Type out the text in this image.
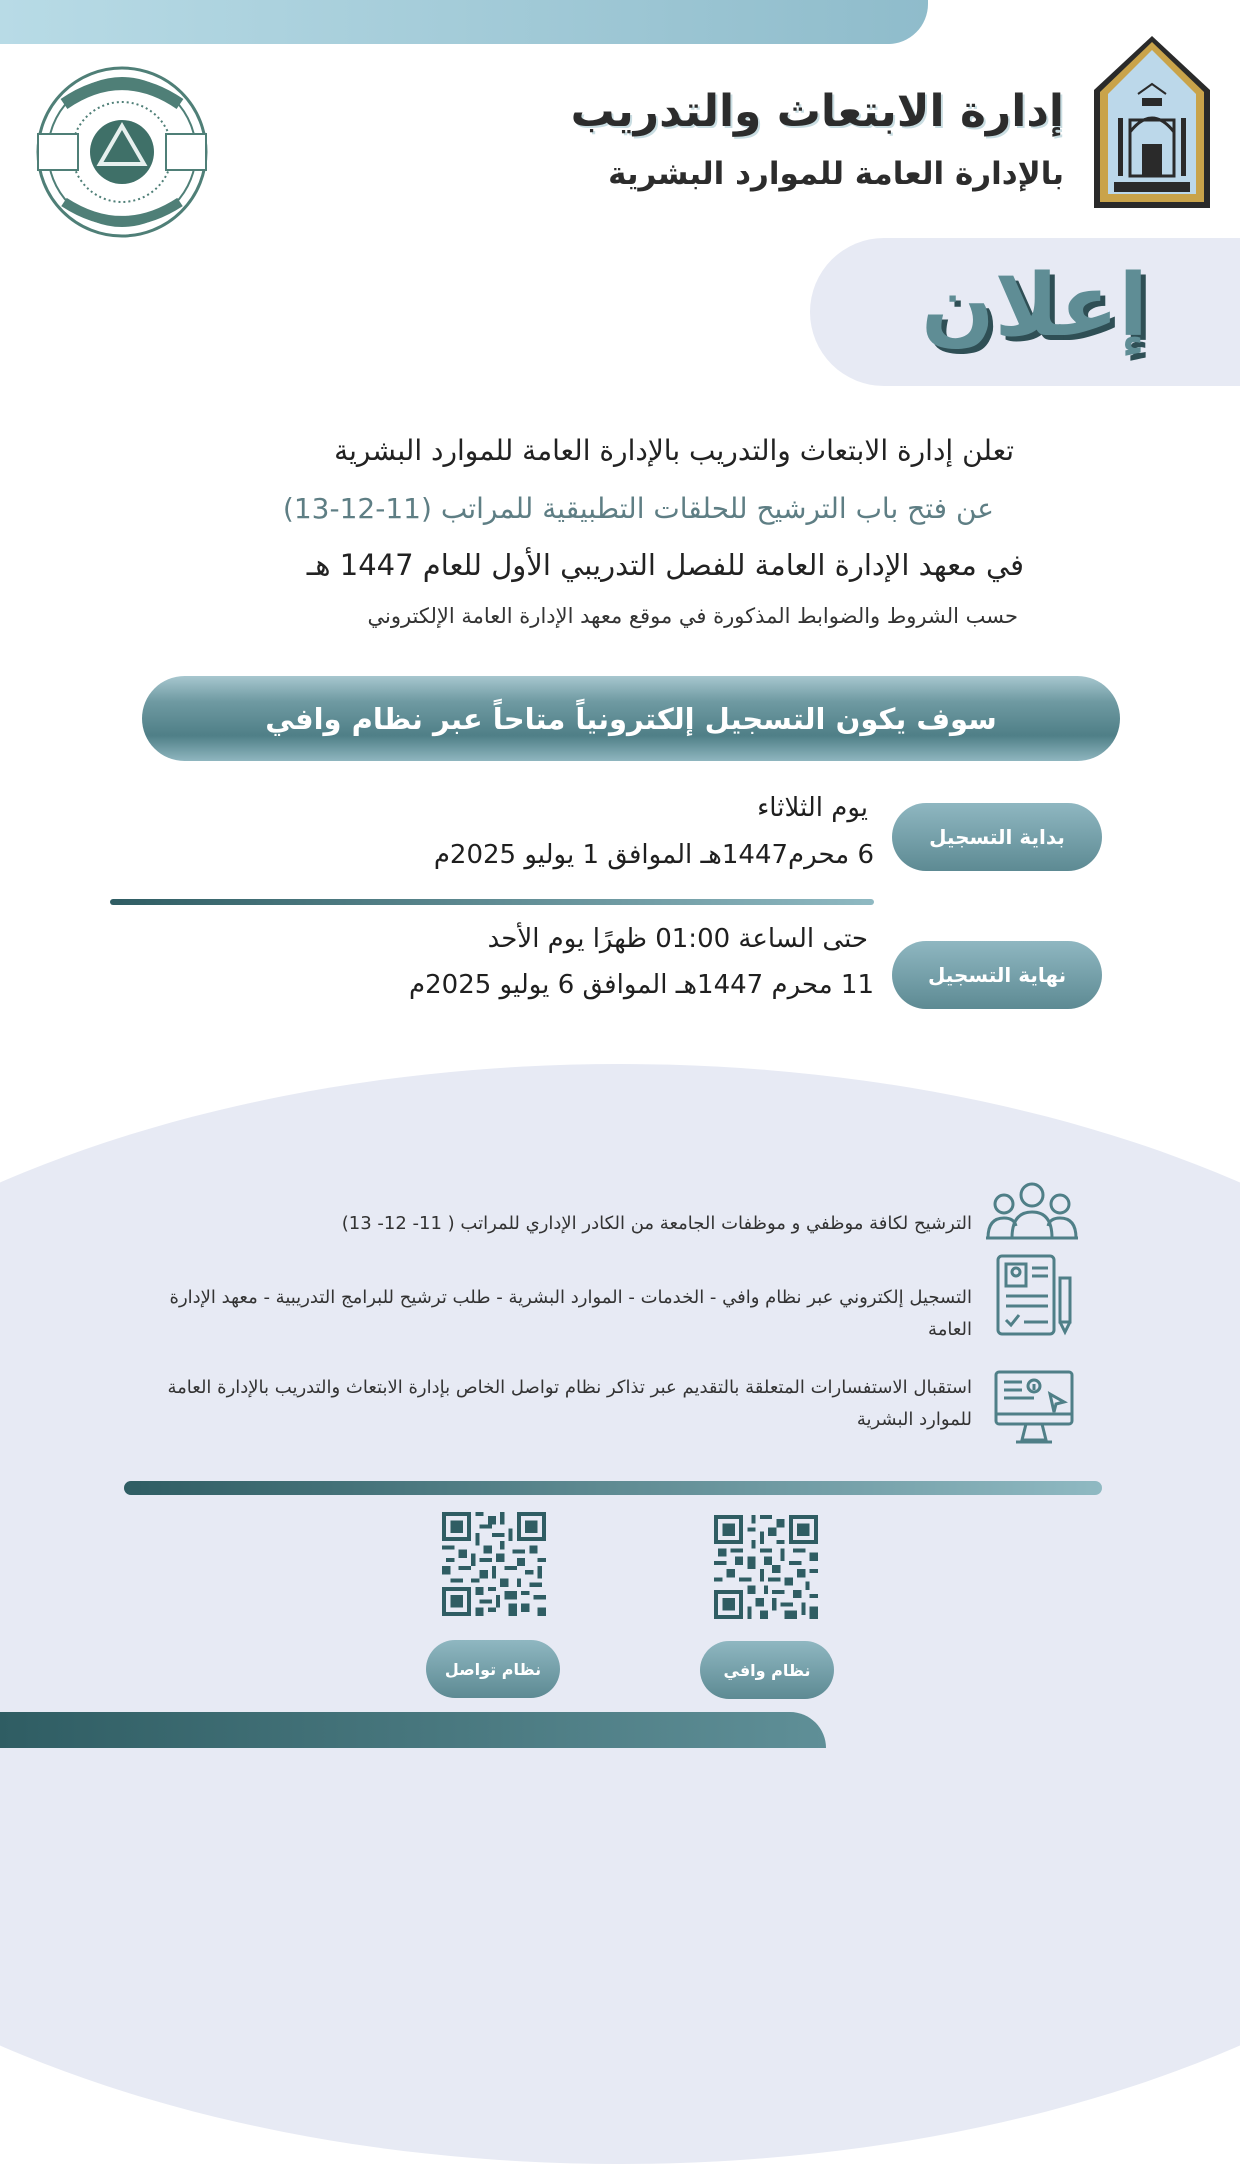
إدارة الابتعاث والتدريب
بالإدارة العامة للموارد البشرية
إعلان

تعلن إدارة الابتعاث والتدريب بالإدارة العامة للموارد البشرية

عن فتح باب الترشيح للحلقات التطبيقية للمراتب (11-12-13)

في معهد الإدارة العامة للفصل التدريبي الأول للعام 1447 هـ

حسب الشروط والضوابط المذكورة في موقع معهد الإدارة العامة الإلكتروني

سوف يكون التسجيل إلكترونياً متاحاً عبر نظام وافي
بداية التسجيل

يوم الثلاثاء

6 محرم1447هـ الموافق 1 يوليو 2025م

نهاية التسجيل

حتى الساعة 01:00 ظهرًا يوم الأحد

11 محرم 1447هـ الموافق 6 يوليو 2025م

الترشيح لكافة موظفي و موظفات الجامعة من الكادر الإداري للمراتب ( 11- 12- 13)

التسجيل إلكتروني عبر نظام وافي - الخدمات - الموارد البشرية - طلب ترشيح للبرامج التدريبية - معهد الإدارة العامة

استقبال الاستفسارات المتعلقة بالتقديم عبر تذاكر نظام تواصل الخاص بإدارة الابتعاث والتدريب بالإدارة العامة للموارد البشرية

نظام تواصل	نظام وافي
